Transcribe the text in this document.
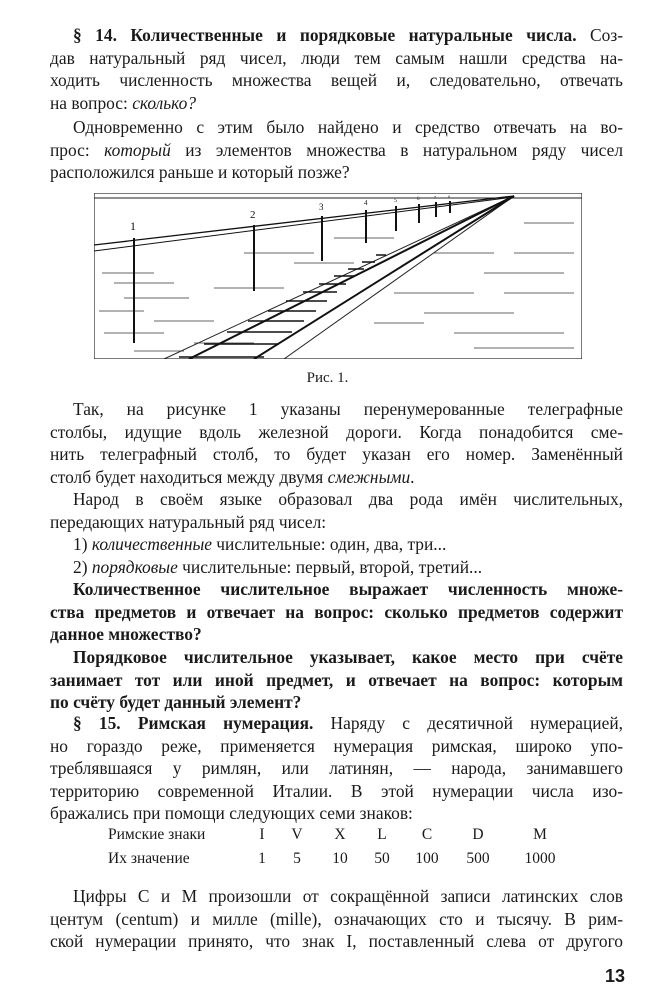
§ 14. Количественные и порядковые натуральные числа. Соз-
дав натуральный ряд чисел, люди тем самым нашли средства на-
ходить численность множества вещей и, следовательно, отвечать
на вопрос: сколько?
Одновременно с этим было найдено и средство отвечать на во-
прос: который из элементов множества в натуральном ряду чисел
расположился раньше и который позже?
1
2
3	4	5	6	7	8
Рис. 1.
Так, на рисунке 1 указаны перенумерованные телеграфные
столбы, идущие вдоль железной дороги. Когда понадобится сме-
нить телеграфный столб, то будет указан его номер. Заменённый
столб будет находиться между двумя смежными.
Народ в своём языке образовал два рода имён числительных,
передающих натуральный ряд чисел:
1) количественные числительные: один, два, три...
2) порядковые числительные: первый, второй, третий...
Количественное числительное выражает численность множе-
ства предметов и отвечает на вопрос: сколько предметов содержит
данное множество?
Порядковое числительное указывает, какое место при счёте
занимает тот или иной предмет, и отвечает на вопрос: которым
по счёту будет данный элемент?
§ 15. Римская нумерация. Наряду с десятичной нумерацией,
но гораздо реже, применяется нумерация римская, широко упо-
треблявшаяся у римлян, или латинян, — народа, занимавшего
территорию современной Италии. В этой нумерации числа изо-
бражались при помощи следующих семи знаков:
Римские знаки	I	V	X	L	C	D	M
Их значение	1	5	10	50	100	500	1000
Цифры С и М произошли от сокращённой записи латинских слов
центум (centum) и милле (mille), означающих сто и тысячу. В рим-
ской нумерации принято, что знак I, поставленный слева от другого
13
